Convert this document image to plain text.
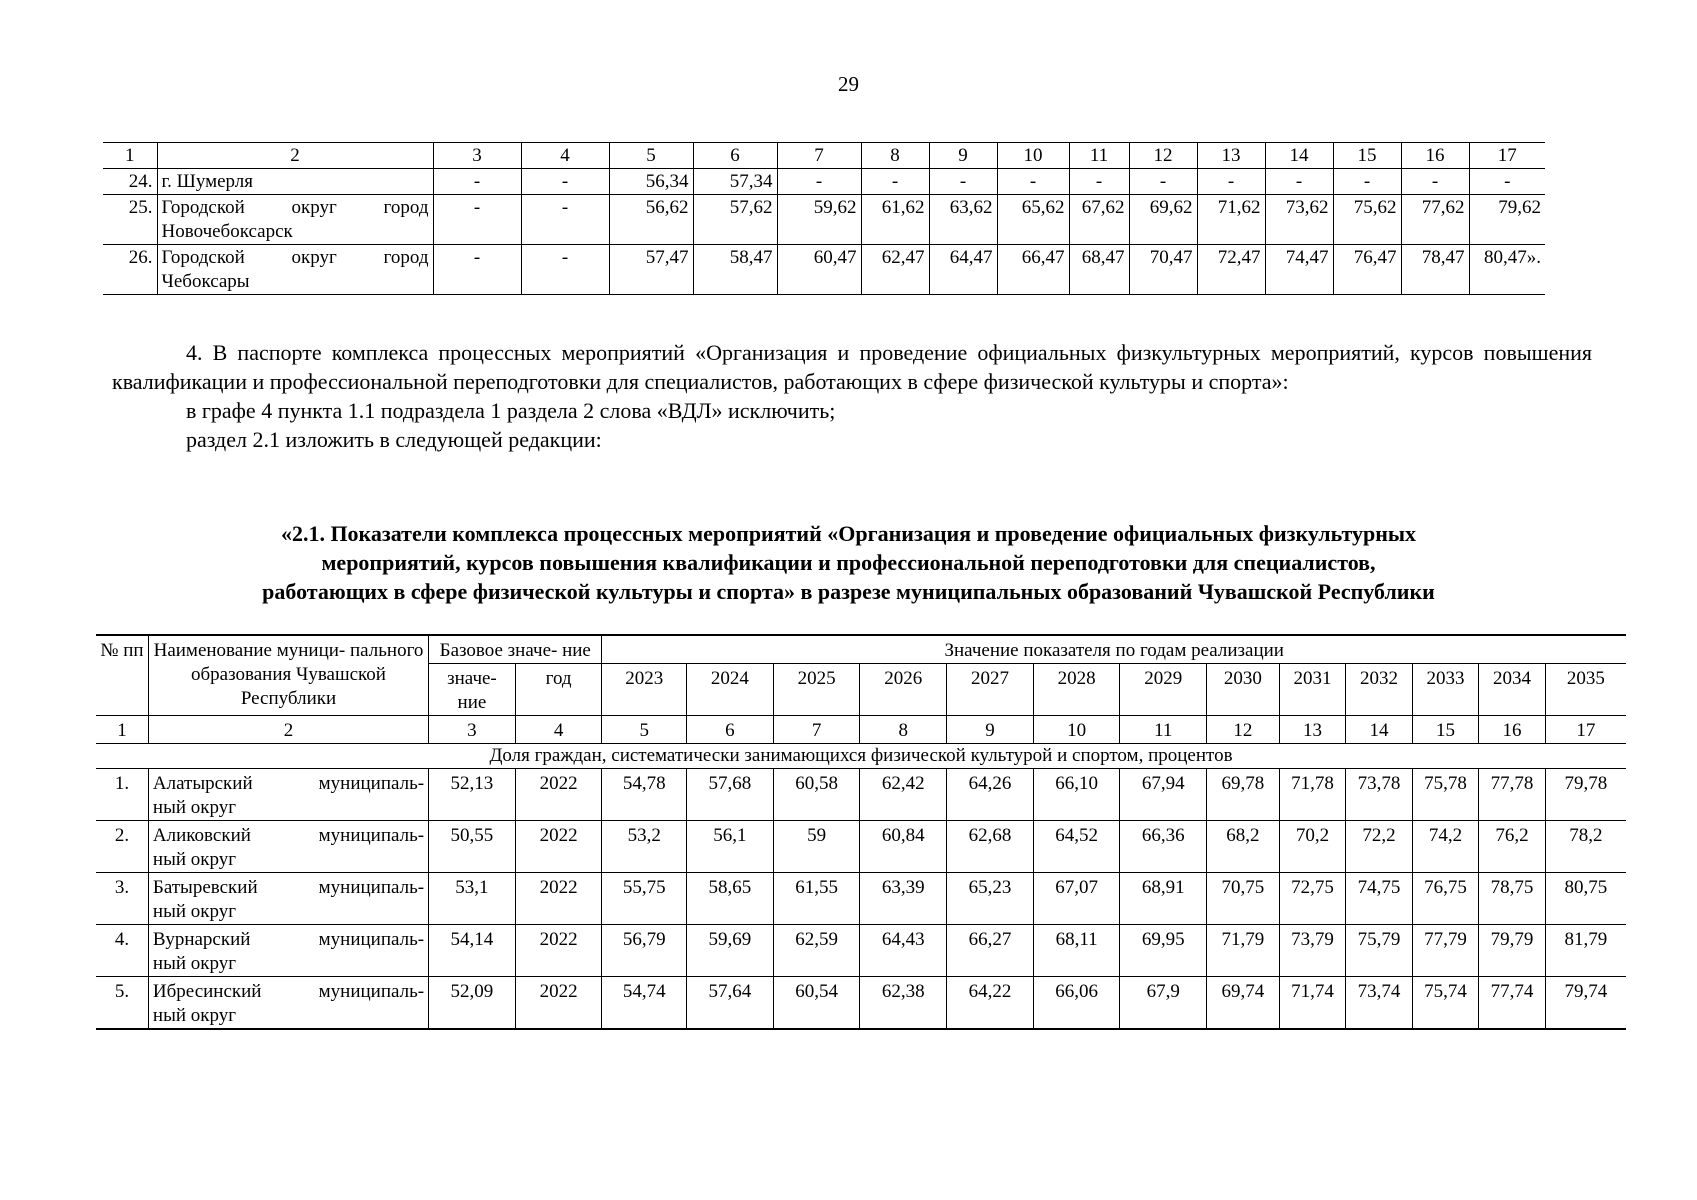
29
1	2	3	4	5	6	7	8	9	10	11	12	13	14	15	16	17
24.	г. Шумерля	-	-	56,34	57,34	-	-	-	-	-	-	-	-	-	-	-
25.	Городской округ город
Новочебоксарск	-	-	56,62	57,62	59,62	61,62	63,62	65,62	67,62	69,62	71,62	73,62	75,62	77,62	79,62
26.	Городской округ город
Чебоксары	-	-	57,47	58,47	60,47	62,47	64,47	66,47	68,47	70,47	72,47	74,47	76,47	78,47	80,47».

4. В паспорте комплекса процессных мероприятий «Организация и проведение официальных физкультурных мероприятий, курсов повышения квалификации и профессиональной переподготовки для специалистов, работающих в сфере физической культуры и спорта»:

в графе 4 пункта 1.1 подраздела 1 раздела 2 слова «ВДЛ» исключить;

раздел 2.1 изложить в следующей редакции:

«2.1. Показатели комплекса процессных мероприятий «Организация и проведение официальных физкультурных
мероприятий, курсов повышения квалификации и профессиональной переподготовки для специалистов,
работающих в сфере физической культуры и спорта» в разрезе муниципальных образований Чувашской Республики
№ пп	Наименование муници- пального образования Чувашской Республики	Базовое значе- ние		Значение показателя по годам реализации												
		значе- ние	год	2023	2024	2025	2026	2027	2028	2029	2030	2031	2032	2033	2034	2035
1	2	3	4	5	6	7	8	9	10	11	12	13	14	15	16	17
Доля граждан, систематически занимающихся физической культурой и спортом, процентов																
1.	Алатырский муниципаль-
ный округ	52,13	2022	54,78	57,68	60,58	62,42	64,26	66,10	67,94	69,78	71,78	73,78	75,78	77,78	79,78
2.	Аликовский муниципаль-
ный округ	50,55	2022	53,2	56,1	59	60,84	62,68	64,52	66,36	68,2	70,2	72,2	74,2	76,2	78,2
3.	Батыревский муниципаль-
ный округ	53,1	2022	55,75	58,65	61,55	63,39	65,23	67,07	68,91	70,75	72,75	74,75	76,75	78,75	80,75
4.	Вурнарский муниципаль-
ный округ	54,14	2022	56,79	59,69	62,59	64,43	66,27	68,11	69,95	71,79	73,79	75,79	77,79	79,79	81,79
5.	Ибресинский муниципаль-
ный округ	52,09	2022	54,74	57,64	60,54	62,38	64,22	66,06	67,9	69,74	71,74	73,74	75,74	77,74	79,74
